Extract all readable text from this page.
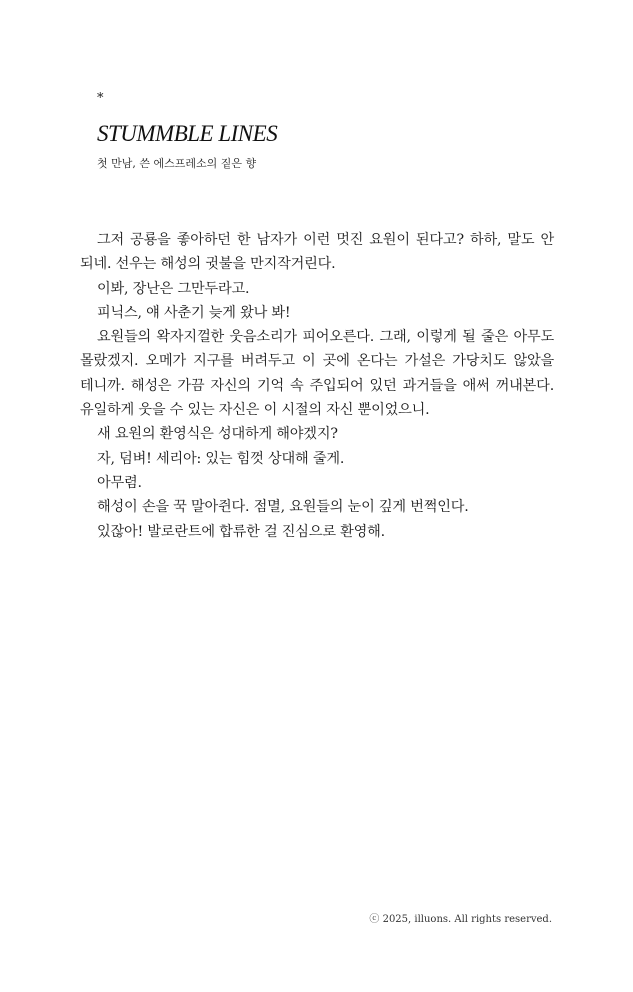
*
STUMMBLE LINES
첫 만남, 쓴 에스프레소의 짙은 향

그저 공룡을 좋아하던 한 남자가 이런 멋진 요원이 된다고? 하하, 말도 안 되네. 선우는 해성의 귓불을 만지작거린다.

이봐, 장난은 그만두라고.

피닉스, 얘 사춘기 늦게 왔나 봐!

요원들의 왁자지껄한 웃음소리가 피어오른다. 그래, 이렇게 될 줄은 아무도 몰랐겠지. 오메가 지구를 버려두고 이 곳에 온다는 가설은 가당치도 않았을 테니까. 해성은 가끔 자신의 기억 속 주입되어 있던 과거들을 애써 꺼내본다. 유일하게 웃을 수 있는 자신은 이 시절의 자신 뿐이었으니.

새 요원의 환영식은 성대하게 해야겠지?

자, 덤벼! 세리아: 있는 힘껏 상대해 줄게.

아무렴.

해성이 손을 꾹 말아쥔다. 점멸, 요원들의 눈이 깊게 번쩍인다.

있잖아! 발로란트에 합류한 걸 진심으로 환영해.

ⓒ 2025, illuons. All rights reserved.
